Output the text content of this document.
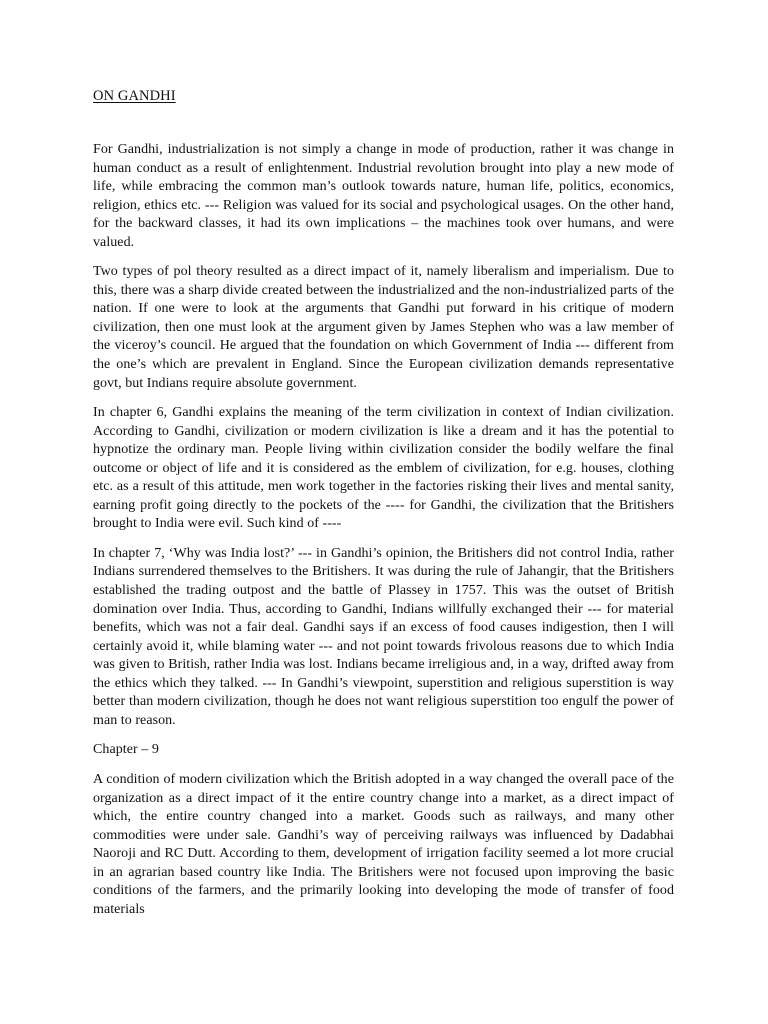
ON GANDHI

For Gandhi, industrialization is not simply a change in mode of production, rather it was change in human conduct as a result of enlightenment. Industrial revolution brought into play a new mode of life, while embracing the common man’s outlook towards nature, human life, politics, economics, religion, ethics etc. --- Religion was valued for its social and psychological usages. On the other hand, for the backward classes, it had its own implications – the machines took over humans, and were valued.

Two types of pol theory resulted as a direct impact of it, namely liberalism and imperialism. Due to this, there was a sharp divide created between the industrialized and the non-industrialized parts of the nation. If one were to look at the arguments that Gandhi put forward in his critique of modern civilization, then one must look at the argument given by James Stephen who was a law member of the viceroy’s council. He argued that the foundation on which Government of India --- different from the one’s which are prevalent in England. Since the European civilization demands representative govt, but Indians require absolute government.

In chapter 6, Gandhi explains the meaning of the term civilization in context of Indian civilization. According to Gandhi, civilization or modern civilization is like a dream and it has the potential to hypnotize the ordinary man. People living within civilization consider the bodily welfare the final outcome or object of life and it is considered as the emblem of civilization, for e.g. houses, clothing etc. as a result of this attitude, men work together in the factories risking their lives and mental sanity, earning profit going directly to the pockets of the ---- for Gandhi, the civilization that the Britishers brought to India were evil. Such kind of ----

In chapter 7, ‘Why was India lost?’ --- in Gandhi’s opinion, the Britishers did not control India, rather Indians surrendered themselves to the Britishers. It was during the rule of Jahangir, that the Britishers established the trading outpost and the battle of Plassey in 1757. This was the outset of British domination over India. Thus, according to Gandhi, Indians willfully exchanged their --- for material benefits, which was not a fair deal. Gandhi says if an excess of food causes indigestion, then I will certainly avoid it, while blaming water --- and not point towards frivolous reasons due to which India was given to British, rather India was lost. Indians became irreligious and, in a way, drifted away from the ethics which they talked. --- In Gandhi’s viewpoint, superstition and religious superstition is way better than modern civilization, though he does not want religious superstition too engulf the power of man to reason.

Chapter – 9

A condition of modern civilization which the British adopted in a way changed the overall pace of the organization as a direct impact of it the entire country change into a market, as a direct impact of which, the entire country changed into a market. Goods such as railways, and many other commodities were under sale. Gandhi’s way of perceiving railways was influenced by Dadabhai Naoroji and RC Dutt. According to them, development of irrigation facility seemed a lot more crucial in an agrarian based country like India. The Britishers were not focused upon improving the basic conditions of the farmers, and the primarily looking into developing the mode of transfer of food materials
